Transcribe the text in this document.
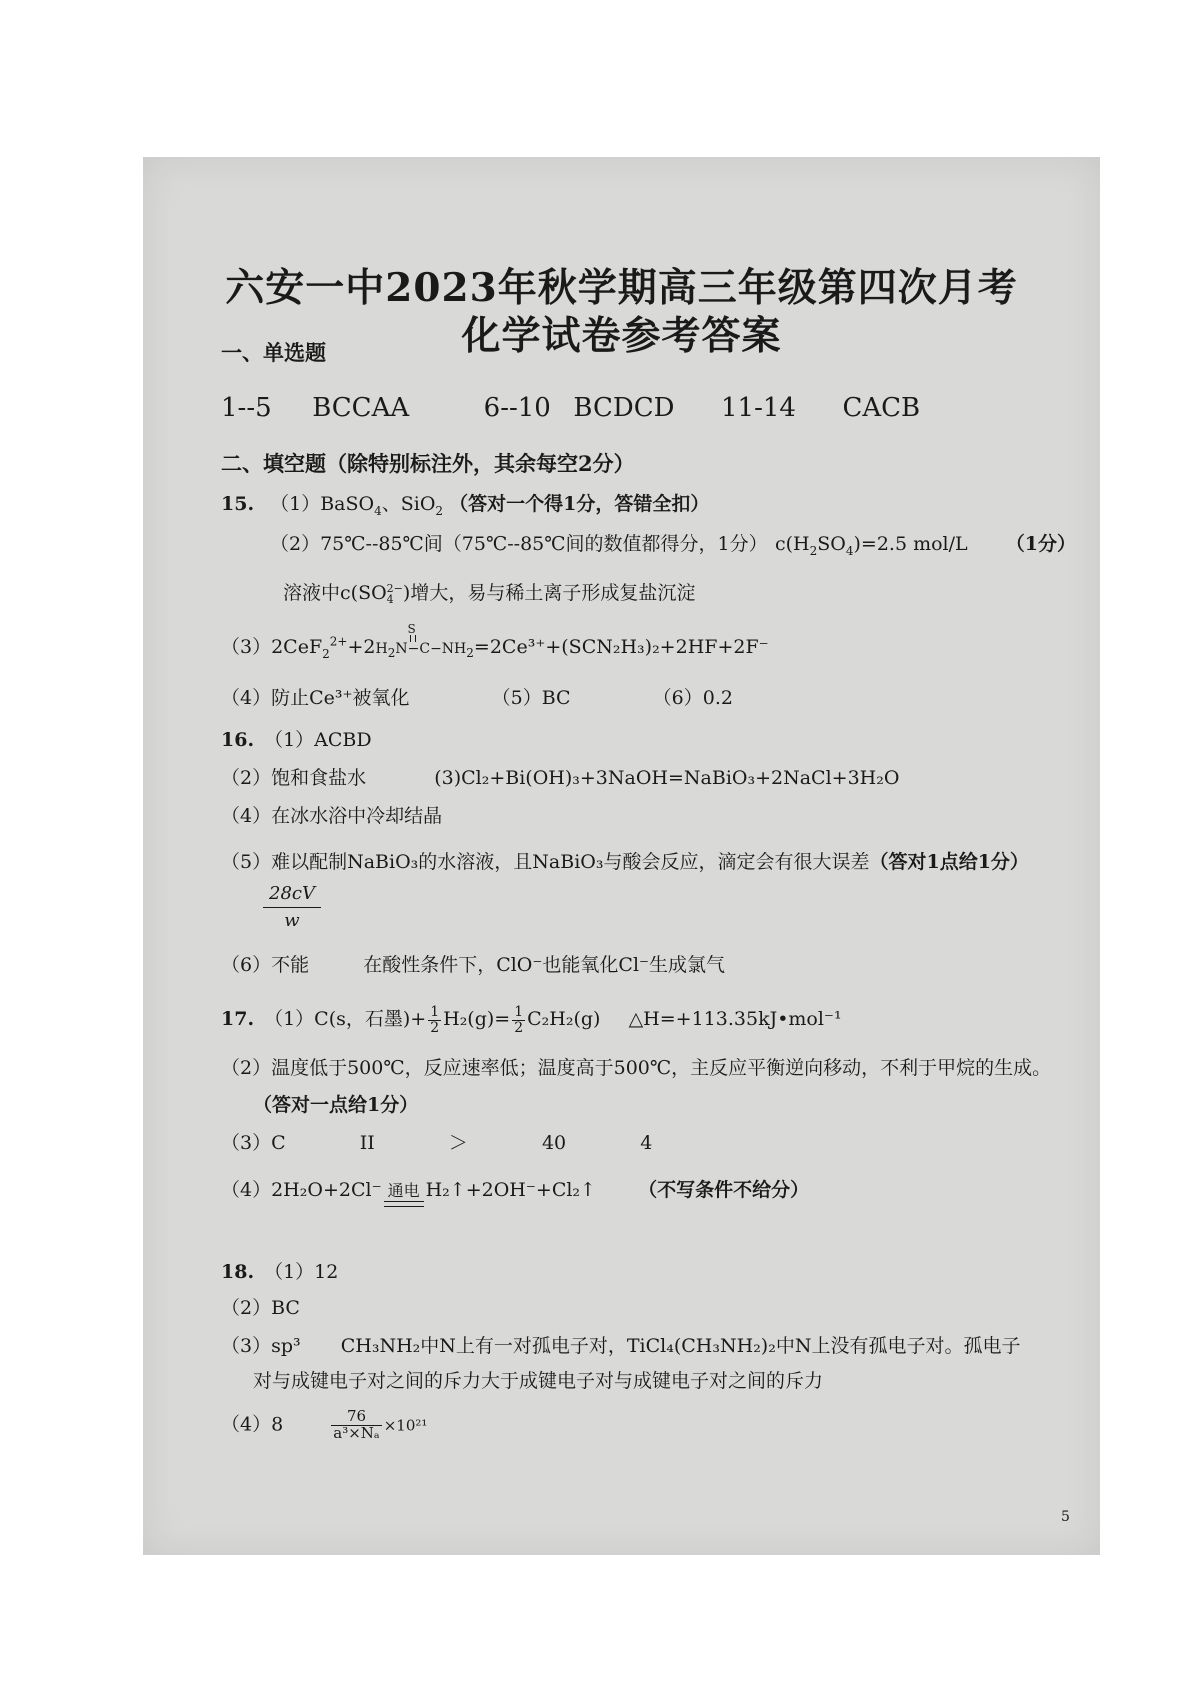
六安一中2023年秋学期高三年级第四次月考
化学试卷参考答案
一、单选题
1--5 BCCAA	6--10 BCDCD 11-14 CACB
二、填空题（除特别标注外，其余每空2分）
15. （1）BaSO$_4$、SiO$_2$ （答对一个得1分，答错全扣）
（2）75℃--85℃间（75℃--85℃间的数值都得分，1分） $c(H_2SO_4)=2.5$ mol/L （1分）
溶液中c(SO 2−
4 )增大，易与稀土离子形成复盐沉淀
（3）2CeF$_2^{2+}$+2
S
$H_2N-C-NH_2=2Ce^{3+}+(SCN_2H_3)_2+2HF+2F^-$
（4）防止Ce³⁺被氧化	（5）BC	（6）0.2
16. （1）ACBD
（2）饱和食盐水	(3)Cl₂+Bi(OH)₃+3NaOH=NaBiO₃+2NaCl+3H₂O
（4）在冰水浴中冷却结晶
（5）难以配制NaBiO₃的水溶液，且NaBiO₃与酸会反应，滴定会有很大误差（答对1点给1分）
$\frac{28cV}{w}$
（6）不能	在酸性条件下，ClO⁻也能氧化Cl⁻生成氯气
17. （1）C(s，石墨)+ $\frac{1}{2} H_2(g)= \frac{1}{2} C_2H_2(g)$ △H=+113.35kJ•mol⁻¹
（2）温度低于500℃，反应速率低；温度高于500℃，主反应平衡逆向移动，不利于甲烷的生成。
（答对一点给1分）
（3）C	II	＞	40	4
（4）2H₂O+2Cl⁻ 通电 H₂↑+2OH⁻+Cl₂↑ （不写条件不给分）
18. （1）12
（2）BC
（3）sp³ CH₃NH₂中N上有一对孤电子对，TiCl₄(CH₃NH₂)₂中N上没有孤电子对。孤电子
对与成键电子对之间的斥力大于成键电子对与成键电子对之间的斥力
（4）8	$\frac{76}{\text{a³×Nₐ}} \times 10^{21}$
5
